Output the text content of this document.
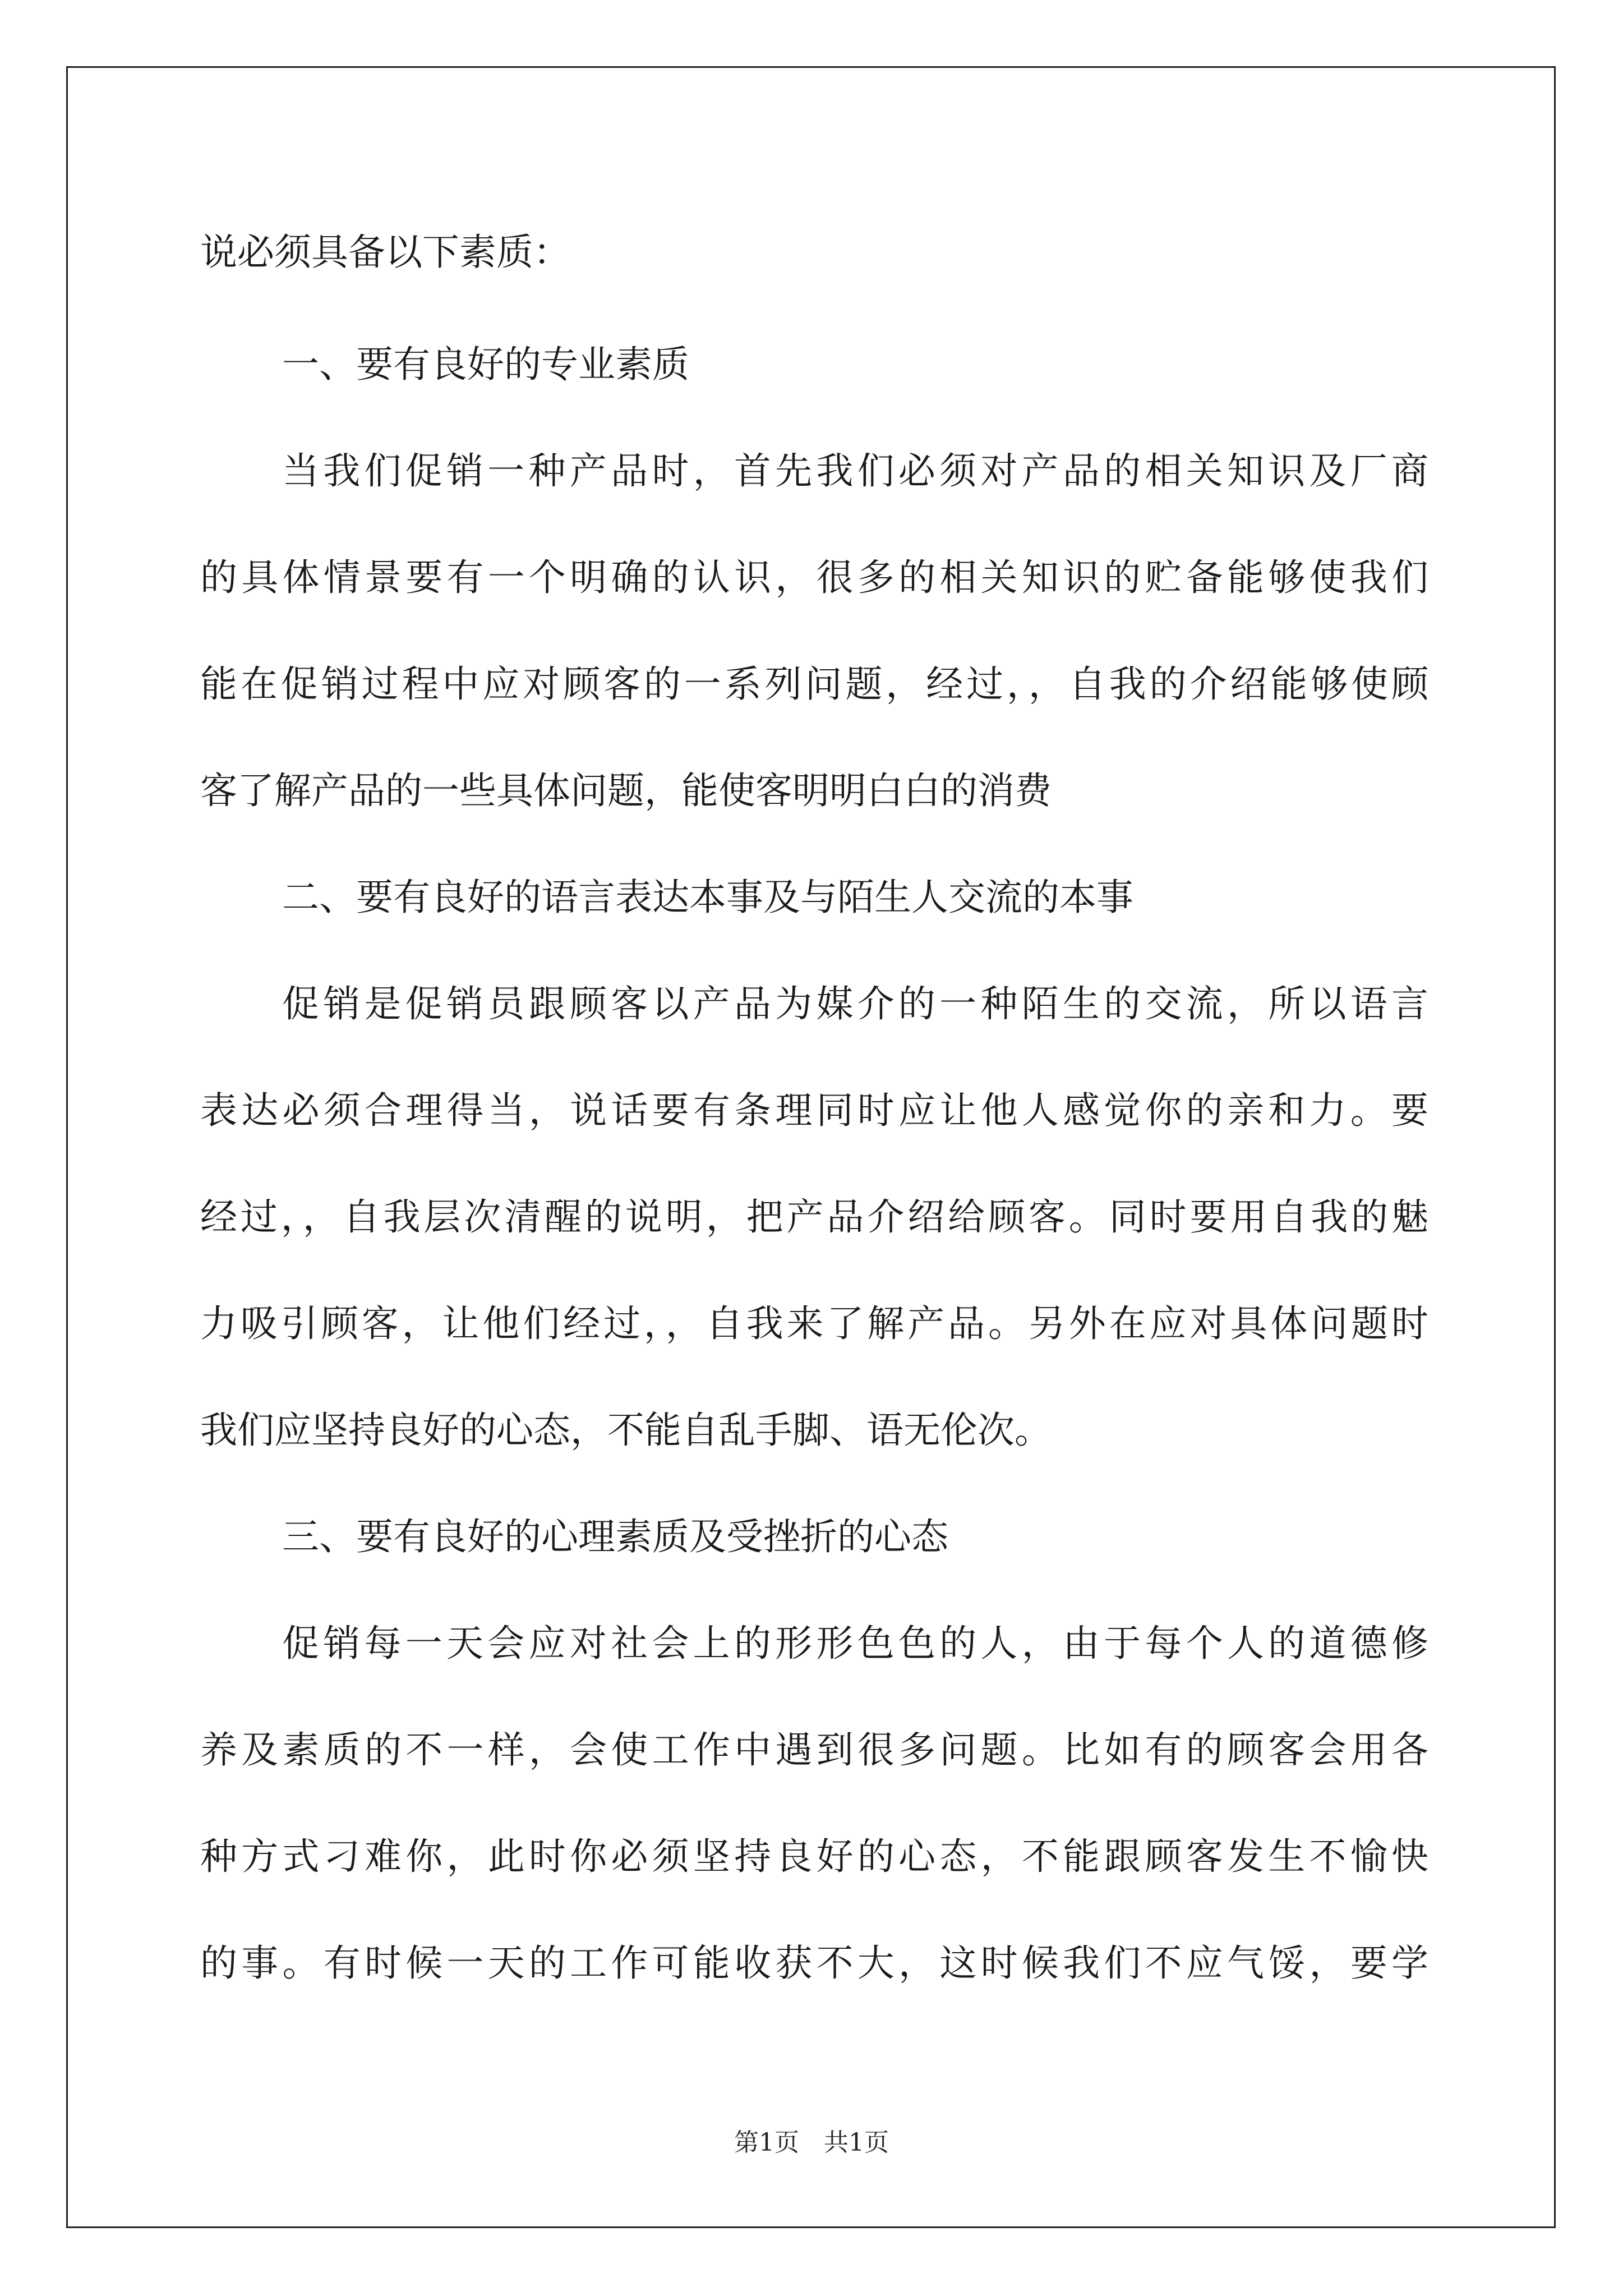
说必须具备以下素质：
一、要有良好的专业素质
当我们促销一种产品时，首先我们必须对产品的相关知识及厂商
的具体情景要有一个明确的认识，很多的相关知识的贮备能够使我们
能在促销过程中应对顾客的一系列问题，经过，，自我的介绍能够使顾
客了解产品的一些具体问题，能使客明明白白的消费
二、要有良好的语言表达本事及与陌生人交流的本事
促销是促销员跟顾客以产品为媒介的一种陌生的交流，所以语言
表达必须合理得当，说话要有条理同时应让他人感觉你的亲和力。要
经过，，自我层次清醒的说明，把产品介绍给顾客。同时要用自我的魅
力吸引顾客，让他们经过，，自我来了解产品。另外在应对具体问题时
我们应坚持良好的心态，不能自乱手脚、语无伦次。
三、要有良好的心理素质及受挫折的心态
促销每一天会应对社会上的形形色色的人，由于每个人的道德修
养及素质的不一样，会使工作中遇到很多问题。比如有的顾客会用各
种方式刁难你，此时你必须坚持良好的心态，不能跟顾客发生不愉快
的事。有时候一天的工作可能收获不大，这时候我们不应气馁，要学
第1页　共1页
